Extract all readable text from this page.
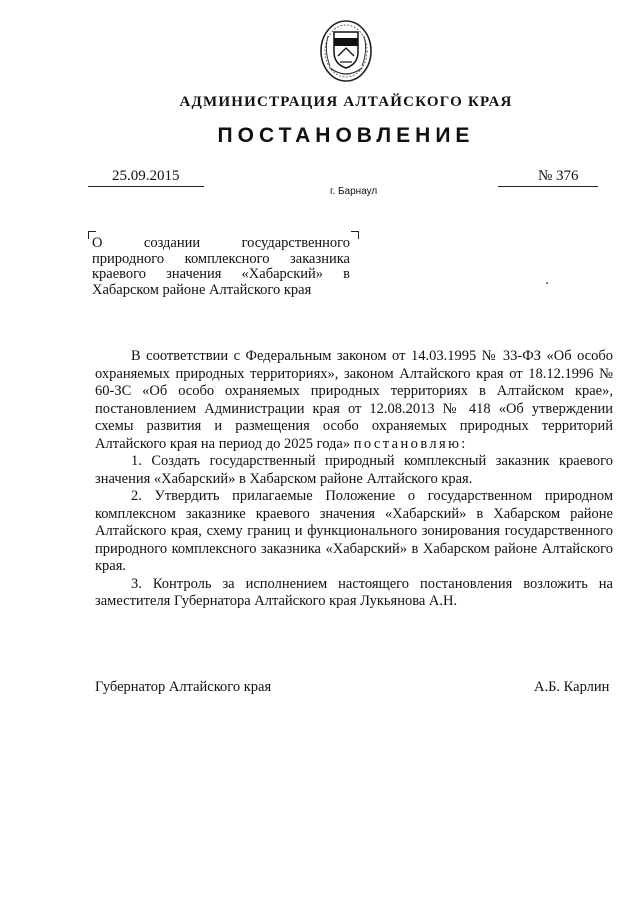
АДМИНИСТРАЦИЯ АЛТАЙСКОГО КРАЯ
ПОСТАНОВЛЕНИЕ
25.09.2015	№ 376
г. Барнаул
О создании государственного природного комплексного заказника краевого значения «Хабарский» в Хабарском районе Алтайского края

В соответствии с Федеральным законом от 14.03.1995 № 33-ФЗ «Об особо охраняемых природных территориях», законом Алтайского края от 18.12.1996 № 60-ЗС «Об особо охраняемых природных территориях в Алтайском крае», постановлением Администрации края от 12.08.2013 № 418 «Об утверждении схемы развития и размещения особо охраняемых природных территорий Алтайского края на период до 2025 года» постановляю:

1. Создать государственный природный комплексный заказник краевого значения «Хабарский» в Хабарском районе Алтайского края.

2. Утвердить прилагаемые Положение о государственном природном комплексном заказнике краевого значения «Хабарский» в Хабарском районе Алтайского края, схему границ и функционального зонирования государственного природного комплексного заказника «Хабарский» в Хабарском районе Алтайского края.

3. Контроль за исполнением настоящего постановления возложить на заместителя Губернатора Алтайского края Лукьянова А.Н.

Губернатор Алтайского края	А.Б. Карлин
